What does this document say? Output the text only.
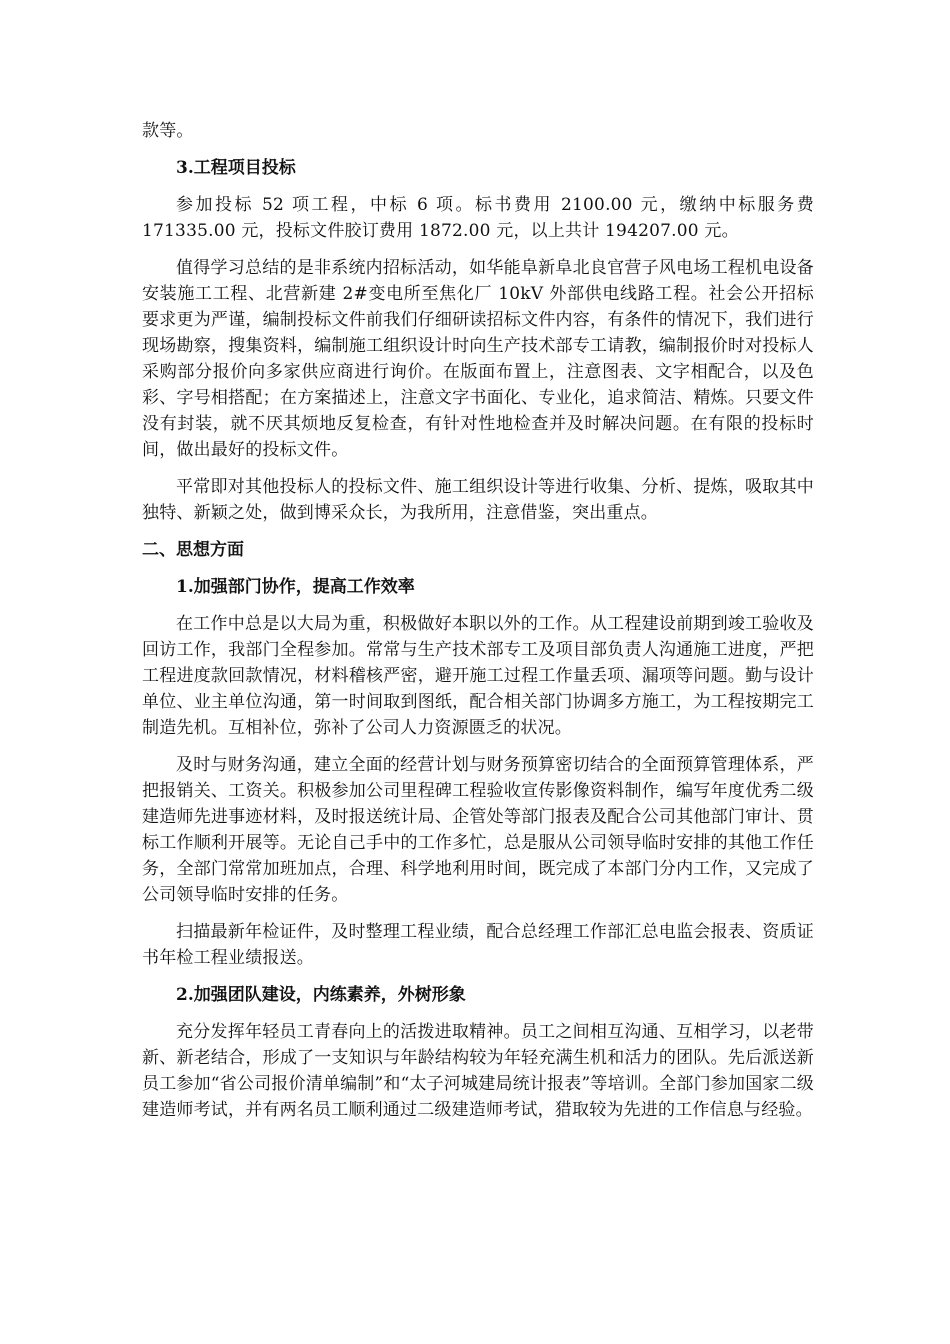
款等。

3.工程项目投标

参加投标 52 项工程，中标 6 项。标书费用 2100.00 元，缴纳中标服务费 171335.00 元，投标文件胶订费用 1872.00 元，以上共计 194207.00 元。

值得学习总结的是非系统内招标活动，如华能阜新阜北良官营子风电场工程机电设备安装施工工程、北营新建 2#变电所至焦化厂 10kV 外部供电线路工程。社会公开招标要求更为严谨，编制投标文件前我们仔细研读招标文件内容，有条件的情况下，我们进行现场勘察，搜集资料，编制施工组织设计时向生产技术部专工请教，编制报价时对投标人采购部分报价向多家供应商进行询价。在版面布置上，注意图表、文字相配合，以及色彩、字号相搭配；在方案描述上，注意文字书面化、专业化，追求简洁、精炼。只要文件没有封装，就不厌其烦地反复检查，有针对性地检查并及时解决问题。在有限的投标时间，做出最好的投标文件。

平常即对其他投标人的投标文件、施工组织设计等进行收集、分析、提炼，吸取其中独特、新颖之处，做到博采众长，为我所用，注意借鉴，突出重点。

二、思想方面
1.加强部门协作，提高工作效率

在工作中总是以大局为重，积极做好本职以外的工作。从工程建设前期到竣工验收及回访工作，我部门全程参加。常常与生产技术部专工及项目部负责人沟通施工进度，严把工程进度款回款情况，材料稽核严密，避开施工过程工作量丢项、漏项等问题。勤与设计单位、业主单位沟通，第一时间取到图纸，配合相关部门协调多方施工，为工程按期完工制造先机。互相补位，弥补了公司人力资源匮乏的状况。

及时与财务沟通，建立全面的经营计划与财务预算密切结合的全面预算管理体系，严把报销关、工资关。积极参加公司里程碑工程验收宣传影像资料制作，编写年度优秀二级建造师先进事迹材料，及时报送统计局、企管处等部门报表及配合公司其他部门审计、贯标工作顺利开展等。无论自己手中的工作多忙，总是服从公司领导临时安排的其他工作任务，全部门常常加班加点，合理、科学地利用时间，既完成了本部门分内工作，又完成了公司领导临时安排的任务。

扫描最新年检证件，及时整理工程业绩，配合总经理工作部汇总电监会报表、资质证书年检工程业绩报送。

2.加强团队建设，内练素养，外树形象

充分发挥年轻员工青春向上的活拨进取精神。员工之间相互沟通、互相学习，以老带新、新老结合，形成了一支知识与年龄结构较为年轻充满生机和活力的团队。先后派送新员工参加“省公司报价清单编制”和“太子河城建局统计报表”等培训。全部门参加国家二级建造师考试，并有两名员工顺利通过二级建造师考试，猎取较为先进的工作信息与经验。
